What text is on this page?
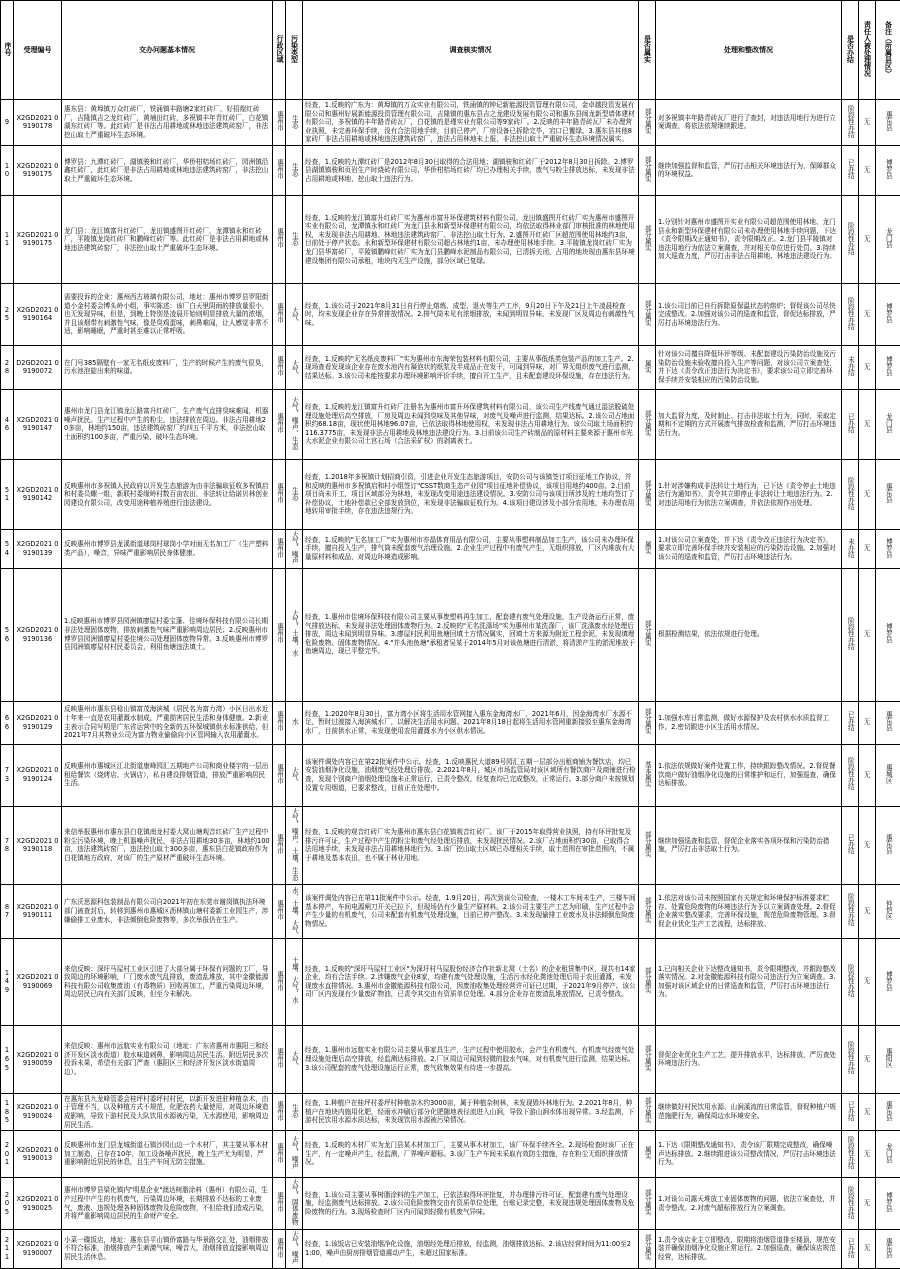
序号	受理编号	交办问题基本情况	行政区域	污染类型	调查核实情况	是否属实	处理和整改情况	是否办结	责任人被处理情况	备注（所属县区）
9	X2GD2021 09190178	惠东县：黄埠镇万众红砖厂，铁涌镇丰路塘2家红砖厂，好招煌红砖厂，吉隆镇吉之龙红砖厂，黄埔田红砖，多祝镇丰年青红砖厂，白花镇湖东红砖厂等。此红砖厂是非法占用耕地或林地违法建筑砖窑厂，非法挖山取土严重破坏生态环境。	惠州市	生态	经查，1.反映的广东为：黄埠镇的万众实业有限公司，铁涌镇的钟记新能源投资管理有限公司，金卓越投资发展有限公司和惠州好展新能源投资管理有限公司，吉隆镇的惠东县吉之龙建设发展有限公司和惠东县闽龙新型墙体建材有限公司，多祝镇的丰年路青砖瓦厂，白花镇的是瑾实业有限公司等9家砖厂。2.反映的丰年路青砖瓦厂未办理营业执照，未完善环保手续，没有合法用地手续，目前已停产，厂房设备已拆除完毕，宕口已覆绿。3.惠东县其他8家砖厂非法占用耕地或林地违法建筑砖窑厂，违法占用林地未上报，非法挖山取土严重破坏生态环境情况属实。	部分属实	对多祝镇丰年路青砖瓦厂进行了查封，对违法用地行为进行立案调查，将依法依规继续跟进。	阶段性办结	无	惠东县
10	X2GD2021 09190175	博罗县：九潭红砖厂，湖镇骏和红砖厂，华侨柑桔场红砖厂，园洲镇沿鑫红砖厂，此红砖厂是非法占用耕地或林地违法建筑砖窑厂，非法挖山取土严重破坏生态环境。	惠州市	生态	经查，1.反映的九潭红砖厂是2012年8月30日取得的合法用地；湖镇骏和红砖厂于2012年8月30日拆除。2.博罗县湖镇镇骏和页岩生产时烧砖有限公司、华侨柑桔场红砖厂均已办理相关手续，废气与粉尘排放达标，未发现非法占用耕地或林地、挖山取土违法行为。	部分属实	继续加强监督和监管，严厉打击相关环境违法行为，保障群众的环境权益。	已办结	无	博罗县
11	X2GD2021 09190175	龙门县：龙江镇富升红砖厂，龙田镇盛图开红砖厂，龙潭镇永和红砖厂，平陵镇龙岗红砖厂和鹏峰红砖厂等。此红砖厂是非法占用耕地或林地违法建筑砖窑厂，非法挖山取土严重破坏生态环境。	惠州市	生态	经查，1.反映的龙江镇富升红砖厂实为惠州市富升环保建筑材料有限公司，龙田镇盛图开红砖厂实为惠州市盛图开实业有限公司，龙潭镇永和红砖厂为龙门县永和新型环保建材有限公司，均依法取得林业部门审核批准的林地使用权，未发现非法占用耕地、林地违法建筑砖窑厂、非法挖山取土行为。2.盛图开红砖厂区超范围使用林地约3亩，目前处于停产状态。永和新型环保建材有限公司超占林地约1亩，未办理使用林地手续。3.平陵镇龙岗红砖厂实为龙门县华富砖厂，平陵镇鹏峰红砖厂实为龙门县鹏峰水泥制品有限公司，已清拆关闭，占用的地块现由惠东县环境建设集团有限公司承租，地块内无生产设施，部分区域已复绿。	部分属实	1.分别针对惠州市盛图开实业有限公司超范围使用林地、龙门县永和新型环保建材有限公司未办理使用林地手续问题，下达《责令限期改正通知书》，责令限期改正。2.龙门县平陵镇对违法用地行为依法立案调查，并对相关单位进行处罚。3.持续加大巡查力度，严厉打击非法占用耕地、林地违法建设行为。	阶段性办结	无	龙门县
25	X2GD2021 09190164	需要投诉的企业：惠州西古玻璃有限公司，地址：惠州市博罗县罗阳街道小金村委会博头岭小组，事实陈述：该厂白天里阴雨的排放量很小，也无发现异味，但是，到晚上特别是凌晨开始则明显排放大量的浓烟，并且该烟带有刺激性气味，像是臭鸡蛋味，刺鼻难闻，让人感觉非常不适，影响睡眠，严重时甚至难以正常呼吸。	惠州市	大气	经查，1.该公司于2021年8月31日自行停止熔炼、成型、退火等生产工序，9月20日下午及21日上午凌晨检查时，均未发现企业存在异常排放情况。2.排气筒未见有浓烟排放，未闻到明显异味，未发现厂区及周边有刺激性气味。	部分属实	1.该公司目前已自行拆除原保温状态的熔炉；督促该公司尽快完成整改。2.加强对该公司的巡查和监管，督促达标排放，严厉打击环境违法行为。	阶段性办结	无	博罗县
28	D2GD2021 09190072	在门号385隔壁有一家无名纸皮废料厂，生产的时候产生的废气很臭，污水池泡旋出来的味道。	惠州市	大气	经查，1.反映的"无名纸皮废料厂"实为惠州市东海荣包装材料有限公司，主要从事低纸类包装产品的加工生产。2.现场查看发现该企业存在废水池内有凝泡状的纸浆及半成品正在发干，可闻到异味，对厂界无组织废气进行监测，结果达标。3.该公司未能按要求办理环境影响评价手续，擅自开工生产，且未配套建设环保设施，存在违法行为。	属实	针对该公司擅自降低环评等级、未配套建设污染防治设施及污染防治设施未验收擅自投入生产等问题，对该公司立案查处，并下达《责令改正违法行为决定书》，要求该公司立即完善环保手续并安装相应的污染防治设施。	未办结	无	博罗县
46	X2GD2021 09190147	惠州市龙门县龙江镇龙江路富升红砖厂，生产废气直排臭味难闻，机器噪声扰民。生产过程中产生的粉尘，违法排放在周边。非法占用耕地20多亩，林地约150亩，违法建筑砖窑厂约四五千平方米，非法挖山取土面积约100多亩，严重污染、破坏生态环境。	惠州市	大气、噪声、生态	经查，1.反映的龙江镇富升红砖厂注册名为惠州市富升环保建筑材料有限公司，该公司生产线废气通过湿法脱硫处理设施处理后高空排放，厂房及周边未闻到臭味及其他异味，对废气及噪声进行监测，结果达标。2.该公司占地面积约68.18亩，现状使用林地96.07亩，已依法取得林地使用权，未发现非法占用耕地行为。该公司取土场面积约116.3775亩，未发现非法占用耕地及林地违法建设行为。3.目前该公司生产砖制品的原材料主要来源于惠州市光大水泥企业有限公司土宫石场（合法采矿权）的剥离表土。	部分属实	加大监督力度，及时制止、打击非法取土行为，同时，采取定期和不定期的方式开展废气排放检查和监测，严厉打击环境违法行为。	已办结	无	龙门县
51	X2GD2021 09190142	反映惠州市多祝镇人民政府以开发生态旅游为由非法骗取征收多祝镇启和村委员螺一组，新联村委缘岭村数百亩农田，非法转让给诺贝林创业园建设有限公司，改变用途种植养殖进行违法建设。	惠州市	生态	经查，1.2018年多祝镇计划招商引资，引进企业开发生态旅游项目，安防公司与该镇签订项目征地工作协议，并和反映的惠州市多祝镇启和村小组签订"CSST数商生态产业园"项目征地补偿协议，该项目用地约400亩。2.目前项目尚未开工，项目区域部分为林地，未发现改变用途违法建设情况。3.安防公司与该项目所涉及的土地均签订了补偿协议，土地补偿款已全部发放到位，未发现非法骗取征收行为。4.该项目建设涉及小部分农用地，未办理农用地转用审批手续，存在违法违规行为。	部分属实	1.针对涉嫌构成非法转让土地行为，已下达《责令停止土地违法行为通知书》，责令其立即停止非法转让土地违法行为。2.对违法用地行为依法立案调查，并依法依规作出处理。	阶段性办结	无	惠东县
54	X2GD2021 09190139	反映惠州市博罗县龙溪街道球岗村球岗小学对面无名加工厂（生产塑料类产品），噪音，异味严重影响居民身体健康。	惠州市	大气、噪声	经查，1.反映的"无名加工厂"实为惠州市亦晶体育用品有限公司，主要从事塑料制品加工生产，该公司未办理环保手续，擅自投入生产，排气筒未配套废气治理设施。2.企业生产过程中有废气产生，无组织排放，厂区内堆放有大量原材料和成品，对周边环境造成影响。	属实	1.对该公司立案查处，并下达《责令改正违法行为决定书》，要求立即完善环保手续并安装相应的污染防治设施。2.加强对该公司的巡查和监管，严厉打击环境违法行为。	未办结	无	博罗县
56	X2GD2021 09190136	1.反映惠州市博罗县园洲镇廖屋村委宝蓬、佳境环保科技有限公司长期非法处理固体废物，排放刺激性气味严重影响周边居民；2.反映惠州市博罗县园洲镇廖屋村委佳境公司处理固体废物异常。3.反映惠州市博罗县园洲镇廖屋村村民委员会，利用鱼塘违法填土。	惠州市	大气、土壤、水	经查，1.惠州市佳境环保科技有限公司主要从事废塑料再生加工，配套建有废气处理设施，生产设备运行正常，废气排放达标，未发现非法处理固体废物行为。2.反映的"无名洗涤场"实为惠州市某洗涤厂，该厂洗涤废水经处理后排放，周边未闻到明显异味。3.廖屋村民利用鱼塘回填土方情况属实，回填土方来源为附近工程余泥，未发现填埋危险废物、固体废物情况。4."并头池鱼塘"承租者吴某于2014年5月对该鱼塘进行清淤，将清淤产生的淤泥堆放于鱼塘周边，现已平整完毕。	部分属实	根据检测结果，依法依规进行处理。	阶段性办结	无	博罗县
66	X2GD2021 09190129	反映惠州市惠东县稔山镇富茂海滨城（居民名为富力湾）小区日出水近十年来一直是农用灌溉水制成，严重损害居民生活和身体健康。2.新业主表示合同写明是广东省运营中的全新的五环保城镇供水标准供给，但2021年7月其物业公司为富力物业偷偷向小区管网输入农用灌溉水。	惠州市	水	经查，1.2020年8月30日，富力湾小区将生活用水管网接入惠东金海湾水厂，2021年6月，因金海湾水厂水源不足，暂时过渡接入海滨城水厂，以解决生活用水问题。2021年8月18日起将生活用水管网重新接驳至惠东金海湾水厂，目前供水正常，未发现使用农用灌溉水为小区供水情况。	部分属实	1.加强水库日常监测，做好水源保护及农村供水水质监督工作。2.密切跟进小区生活用水情况。	已办结	无	惠东县
73	X2GD2021 09190124	反映惠州市惠城区江北街道康峰园汇五期地产公司和商业楼宇的一层出租给餐饮（烧烤店、火锅店），私自建设排烟管道，排放严重影响居民生活。	惠州市	大气	该案件调处内容已在第22批案件中公示。经查，1.反映惠民大道89号园汇五期一层部分出租商铺为餐饮店，均已安装油烟净化设施，油烟废气经处理后排放。2.2021年8月，城区市场监管局对该区域所有餐饮商户及商铺进行检查，发现个别商户油烟处理设施未正常运行，已责令整改，经复查均已完成整改，正常运行。3.部分商户未按规划设置专用烟道，已要求整改，目前正在处理中。	基本属实	1.依法依规做好案件处置工作，持续跟踪整改情况。2.督促餐饮商户做好油烟净化设施的日常维护和运行，加强巡查，确保达标排放。	阶段性办结	无	惠城区
78	X2GD2021 09190118	来信举报惠州市惠东县白花镇南龙村委大窝山塘观音红砖厂生产过程中粉尘污染环境，晚上机器噪声扰民，非法占用耕地30多亩，林地约100亩，违法建筑砖窑厂，违法挖山取土300多亩，惠东县白花镇政府作为白花镇地方政府，对该厂的生产原材严重破坏生态环境。	惠州市	大气、噪声、土壤、生态	经查，1.反映的观音红砖厂实为惠州市惠东县白花镇观音红砖厂。该厂于2015年取得营业执照，持有环评批复及排污许可证，生产过程中产生的粉尘和废气经处理后排放，未发现扰民情况。2.该厂占地面积约30亩，已取得合法用地手续，未发现非法占用耕地林地行为。3.该厂挖山取土区域已办理相关手续，取土范围在审批范围内，不属于耕地及基本农田，也不属于林业用地。	部分属实	继续加强巡查和监管，督促企业落实各项环保和污染防治措施，严厉打击非法取土行为。	已办结	无	惠东县
87	X2GD2021 09190111	广东沃思源科包装制品有限公司自2021年初在东莞市谢岗镇执法环境部门被查封后，转移到惠州市惠城区沥林镇山塘村委新工业园生产，涉嫌偷排工业废水，非法倾倒危险废物等，多次举报仍在生产。	惠州市	水、土壤、大气	该案件调处内容已在第11批案件中公示。经查，1.9月20日，再次到该公司检查，一楼木工车间未生产，三楼车间基本停产，车间电源闸刀开关已拉下，但现场仍有少量生产原材料。2.该公司主要生产工艺为印刷，生产过程中会产生少量的有机废气，公司未配套有机废气处理设施，目前已停产整改。3.未发现偷排工业废水及非法倾倒危险废物情况。	部分属实	1.依法对该公司未按照国家有关规定和环境保护标准要求贮存、处置危险废物的环境违法行为予以立案调查处理。2.督促企业落实整改要求，完善环保设施，规范危险废物管理。3.督促企业优化生产工艺流程，达标排放。	阶段性办结	无	仲恺区
149	X2GD2021 09190069	来信反映：深圩马屋村工业区引进了大部分属于环保有问题的工厂，导致周边的环境影响，厂门废水废气乱排放，废渣乱堆放，其中金徽能源科技有限公司收集废油（有毒物质）回收再加工，严重污染周边环境，周边居民已向有关部门反映，但至今未解决。	惠州市	土壤、大气、水	经查，1.反映的"深圩马屋村工业区"为深圩村马屋股份经济合作社新北窝（土名）的企业租赁集中区，现共有14家企业，均有合法手续。2.涉嫌废气企业8家，均建有废气处理设施，生活污水经化粪池处理后用于农田灌溉，未发现废水直排情况。3.惠州市金徽能源科技有限公司，因废油收集处理经营许可证已过期，于2021年9月停产。该公司厂区内发现有少量废矿物油，已责令其交由有资质单位处理。4.部分企业存在废渣乱堆放情况，已责令整改。	部分属实	1.已向相关企业下达整改通知书，责令限期整改，并跟踪整改落实情况。2.对金徽能源科技有限公司违法行为立案调查。3.加强对该区域企业的日常巡查和监管，严厉打击环境违法行为。	阶段性办结	无	博罗县
165	X2GD2021 09190059	来信反映：惠州市远航实业有限公司（地址：广东省惠州市惠阳三和经济开发区淡水街道）胶水味道刺鼻，影响周边居民生活。附近居民多次投诉未果，希望有关部门严查（惠阳区三和经济开发区淡水街道周边）。	惠州市	大气	经查，1.惠州市远航实业有限公司主要从事家具生产，生产过程中使用胶水，会产生有机废气，有机废气经废气处理设施处理后高空排放，经监测达标排放。2.厂区周边可闻到轻微的胶水气味，对有机废气进行监测，结果达标。3.该公司配套的废气处理设施运行正常，废气收集效果有待进一步提高。	部分属实	督促企业优化生产工艺，提升排放水平，达标排放，严厉查处环境违法行为。	阶段性办结	无	惠阳区
185	X2GD2021 09190024	在惠东县九龙峰管委会桂坪村委坪村村民，以新开发进驻种植杂木，由于管理不当，以及种植方式不规范，化肥农药大量使用，对周边环境造成影响，导致下游村民及大队饮用水源被污染，无水源使用，影响周边居民生活。	惠州市	生态	经查，1.种植户在桂坪村委坪村种植杂木约3000亩，属于种植杂树林，未发现毁坏林地行为。2.2021年8月，种植户在地块内施用化肥，经雨水冲刷后部分化肥随地表径流进入山涧，导致下游山涧水体出现异常。3.经监测，下游村民饮用水源水质达标，未发现饮用水源被污染情况。	部分属实	继续做好村民饮用水源、山涧溪流的日常监管，督促种植户规范施肥行为，确保周边水环境安全。	已办结	无	惠东县
201	X2GD2021 09190013	反映惠州市龙门县龙城街道石镇沙园山边一个木材厂，其主要从事木材加工制造，已存在10年，加工设备噪声扰民，晚上生产尤为明显，严重影响附近居民的休息，且生产车间无防尘措施。	惠州市	大气、噪声	经查，1.反映的木材厂实为龙门县某木材加工厂，主要从事木材加工，该厂环保手续齐全。2.现场检查时该厂正在生产，有一定噪声产生，经监测，厂界噪声超标。3.该厂生产车间未采取有效防尘措施，存在粉尘无组织排放情况。	属实	1.下达《限期整改通知书》，责令该厂限期完成整改，确保噪声达标排放。2.继续跟进该公司整改情况，严厉打击环境违法行为。	阶段性办结	无	龙门县
205	X2GD2021 09190025	惠州市博罗县梁化镇内"明星企业"澳达树脂涂料（惠州）有限公司，生产过程中产生的有机废气，污染周边环境，长期排放不达标的工业废气，废液、违规处理各种固体废物及危险废物，不但给我们造成污染，并将严重影响周边居民的生命财产安全。	惠州市	大气、固体废物	经查，1.该公司主要从事树脂涂料的生产加工，已依法取得环评批复，并办理排污许可证，配套建有废气处理设施，经监测废气达标排放。2.该公司危险废物交由有资质单位处理，台账记录完整，未发现违规处理固体废物及危险废物的行为。3.现场检查时厂区内可闻到轻微有机废气异味。	部分属实	1.对该公司露天堆放工业固体废物的问题，依法立案查处，并责令整改。2.对废气超标排放行为立案调查。	阶段性办结	无	博罗县
211	X2GD2021 09190007	小菜一碟饭店，地址：惠东县平山镇侨富路与华景路交汇处，油烟排放不符合标准，油烟排放产生刺激气味，噪音大，油烟排放直接影响周边居民生活休息。	惠州市	大气、噪声	经查，1.该饭店已安装油烟净化设施，油烟经处理后排放，经监测，油烟排放达标。2.该店经营时间为11:00至21:00，噪声由厨房排烟管道震动产生，未超过国家标准。	部分属实	1.责令该店业主立即整改，限期将油烟管道排至楼顶，规范安装并确保油烟净化设施正常运行。2.加强巡查，确保该店规范经营，达标排放。	已办结	无	惠东县
